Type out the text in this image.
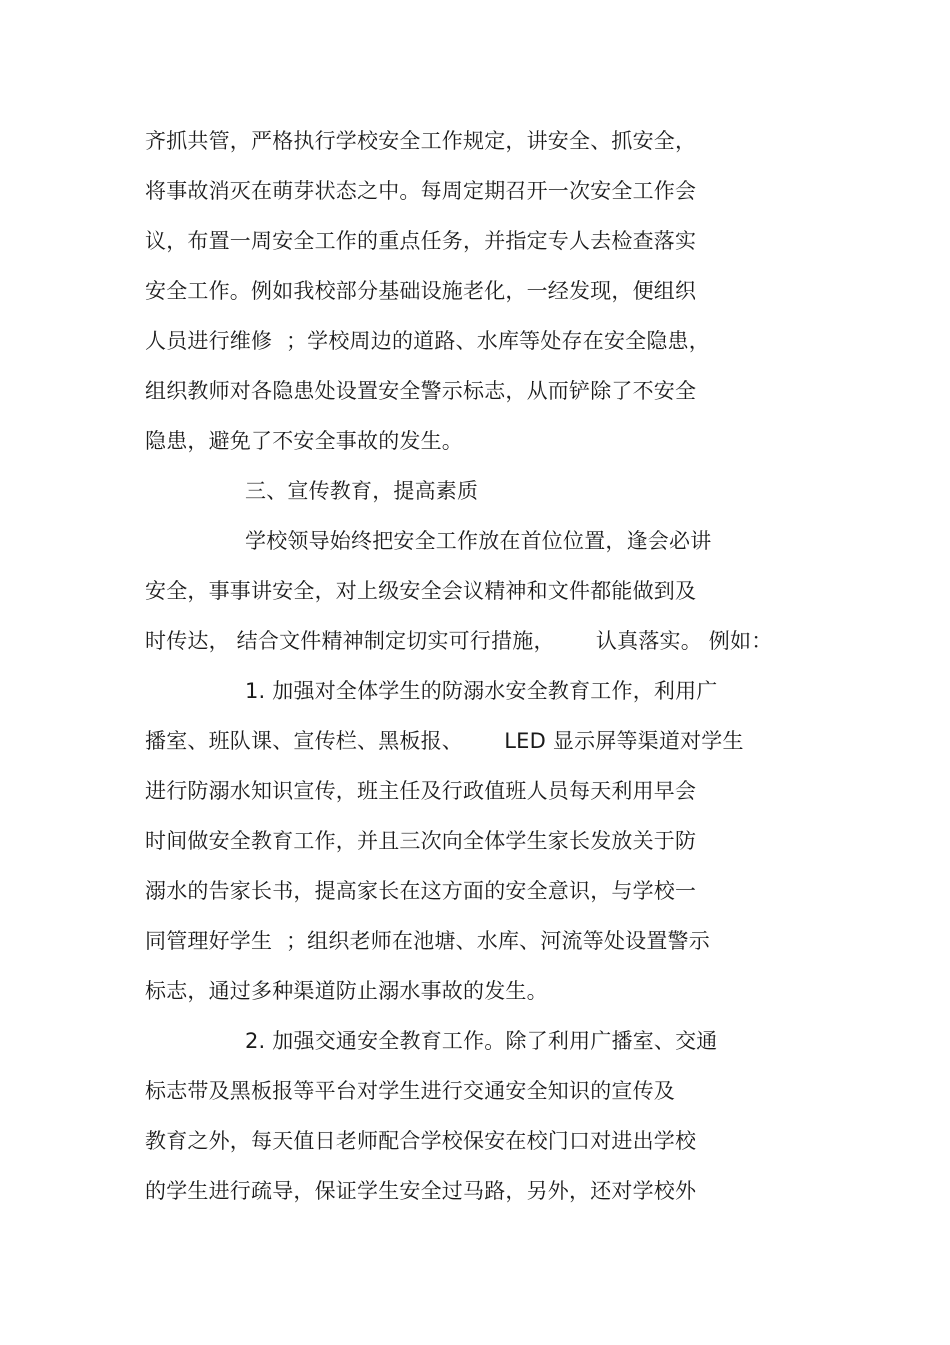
齐抓共管，严格执行学校安全工作规定，讲安全、抓安全，
将事故消灭在萌芽状态之中。每周定期召开一次安全工作会
议，布置一周安全工作的重点任务，并指定专人去检查落实
安全工作。例如我校部分基础设施老化，一经发现，便组织
人员进行维修  ；学校周边的道路、水库等处存在安全隐患，
组织教师对各隐患处设置安全警示标志，从而铲除了不安全
隐患，避免了不安全事故的发生。
三、宣传教育，提高素质
学校领导始终把安全工作放在首位位置，逢会必讲
安全，事事讲安全，对上级安全会议精神和文件都能做到及
时传达， 结合文件精神制定切实可行措施，      认真落实。 例如：
1. 加强对全体学生的防溺水安全教育工作，利用广
播室、班队课、宣传栏、黑板报、      LED 显示屏等渠道对学生
进行防溺水知识宣传，班主任及行政值班人员每天利用早会
时间做安全教育工作，并且三次向全体学生家长发放关于防
溺水的告家长书，提高家长在这方面的安全意识，与学校一
同管理好学生  ；组织老师在池塘、水库、河流等处设置警示
标志，通过多种渠道防止溺水事故的发生。
2. 加强交通安全教育工作。除了利用广播室、交通
标志带及黑板报等平台对学生进行交通安全知识的宣传及
教育之外，每天值日老师配合学校保安在校门口对进出学校
的学生进行疏导，保证学生安全过马路，另外，还对学校外
